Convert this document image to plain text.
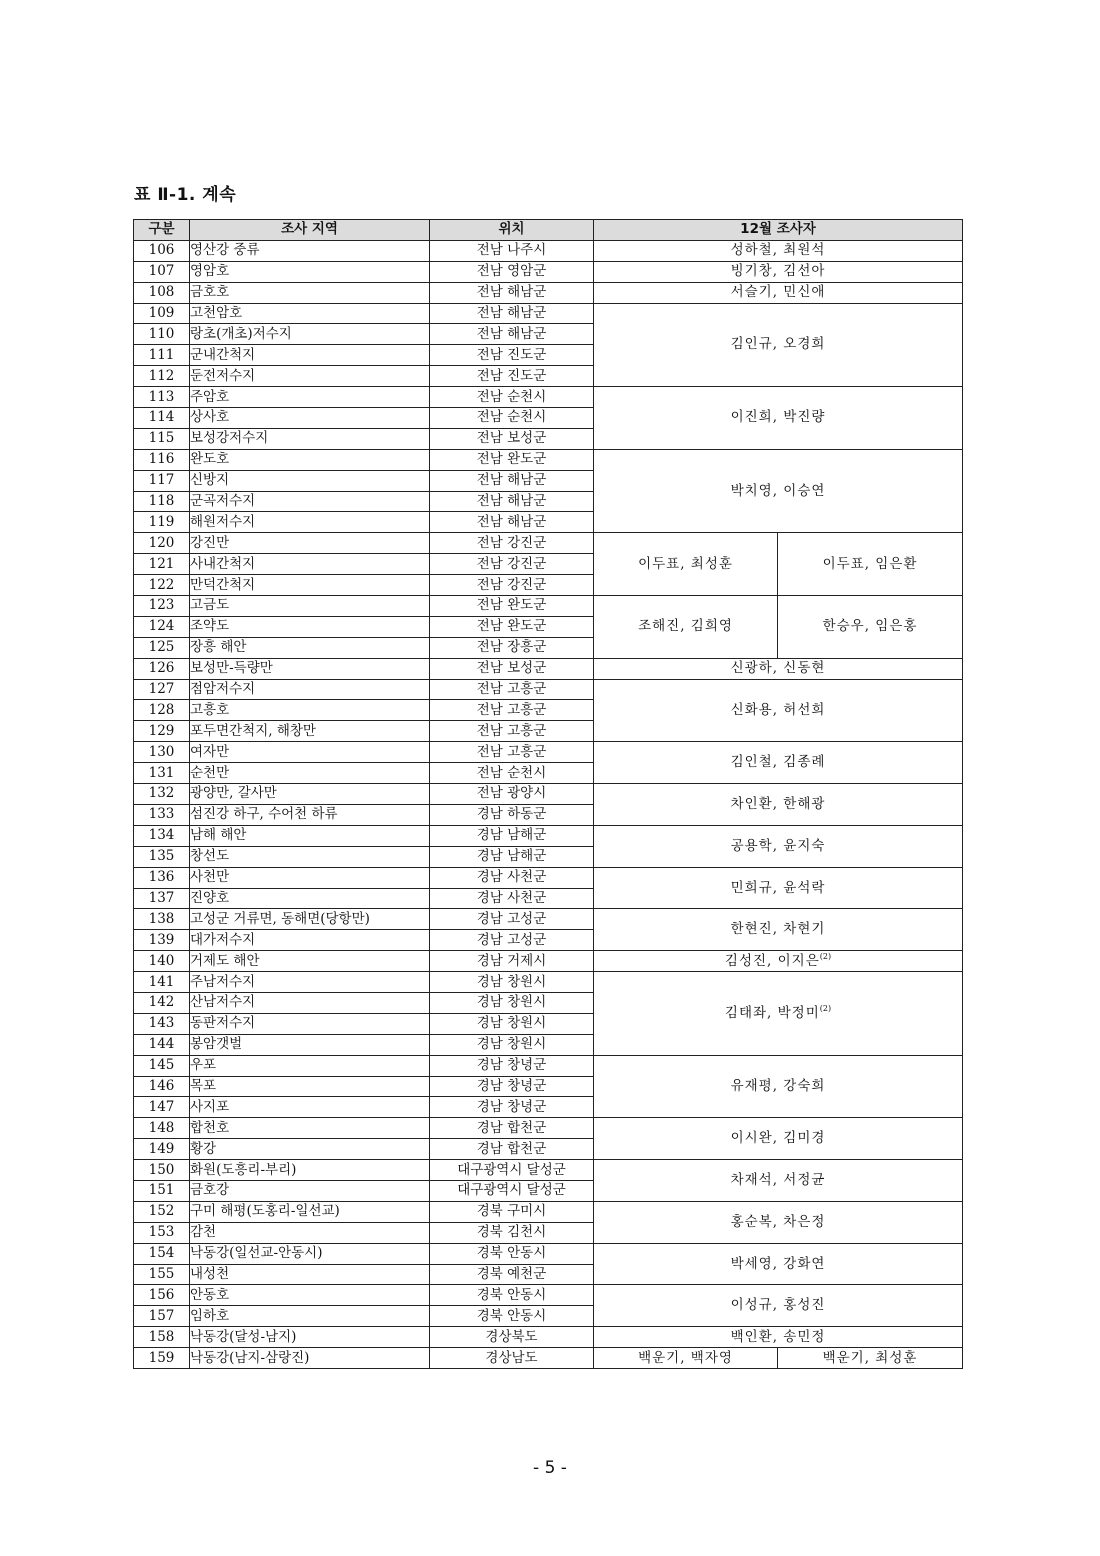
표 Ⅱ-1. 계속
구분	조사 지역	위치	12월 조사자	
106	영산강 중류	전남 나주시	성하철, 최원석	
107	영암호	전남 영암군	빙기창, 김선아	
108	금호호	전남 해남군	서슬기, 민신애	
109	고천암호	전남 해남군	김인규, 오경희	
110	랑초(개초)저수지	전남 해남군		
111	군내간척지	전남 진도군		
112	둔전저수지	전남 진도군		
113	주암호	전남 순천시	이진희, 박진량	
114	상사호	전남 순천시		
115	보성강저수지	전남 보성군		
116	완도호	전남 완도군	박치영, 이승연	
117	신방지	전남 해남군		
118	군곡저수지	전남 해남군		
119	해원저수지	전남 해남군		
120	강진만	전남 강진군	이두표, 최성훈	이두표, 임은환
121	사내간척지	전남 강진군		
122	만덕간척지	전남 강진군		
123	고금도	전남 완도군	조해진, 김희영	한승우, 임은홍
124	조약도	전남 완도군		
125	장흥 해안	전남 장흥군		
126	보성만-득량만	전남 보성군	신광하, 신동현	
127	점암저수지	전남 고흥군	신화용, 허선희	
128	고흥호	전남 고흥군		
129	포두면간척지, 해창만	전남 고흥군		
130	여자만	전남 고흥군	김인철, 김종례	
131	순천만	전남 순천시		
132	광양만, 갈사만	전남 광양시	차인환, 한해광	
133	섬진강 하구, 수어천 하류	경남 하동군		
134	남해 해안	경남 남해군	공용학, 윤지숙	
135	창선도	경남 남해군		
136	사천만	경남 사천군	민희규, 윤석락	
137	진양호	경남 사천군		
138	고성군 거류면, 동해면(당항만)	경남 고성군	한현진, 차현기	
139	대가저수지	경남 고성군		
140	거제도 해안	경남 거제시	김성진, 이지은$^{(2)}$
141	주남저수지	경남 창원시	김태좌, 박정미$^{(2)}$
142	산남저수지	경남 창원시		
143	동판저수지	경남 창원시		
144	봉암갯벌	경남 창원시		
145	우포	경남 창녕군	유재평, 강숙희	
146	목포	경남 창녕군		
147	사지포	경남 창녕군		
148	합천호	경남 합천군	이시완, 김미경	
149	황강	경남 합천군		
150	화원(도흥리-부리)	대구광역시 달성군	차재석, 서정균	
151	금호강	대구광역시 달성군		
152	구미 해평(도홍리-일선교)	경북 구미시	홍순복, 차은정	
153	감천	경북 김천시		
154	낙동강(일선교-안동시)	경북 안동시	박세영, 강화연	
155	내성천	경북 예천군		
156	안동호	경북 안동시	이성규, 홍성진	
157	임하호	경북 안동시		
158	낙동강(달성-남지)	경상북도	백인환, 송민정	
159	낙동강(남지-삼랑진)	경상남도	백운기, 백자영	백운기, 최성훈
- 5 -
